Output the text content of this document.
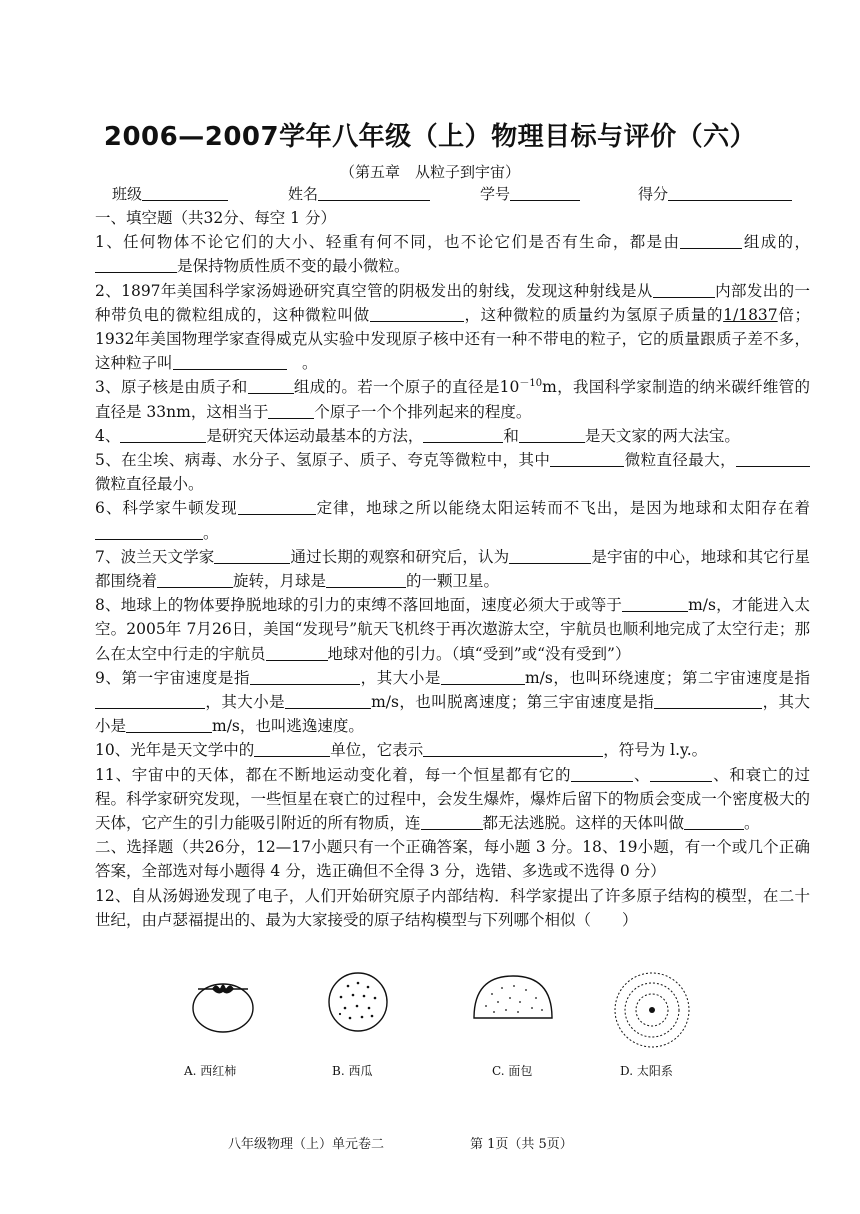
2006—2007学年八年级（上）物理目标与评价（六）
（第五章　从粒子到宇宙）
班级	姓名	学号	得分

一、填空题（共32分、每空 1 分）

1、任何物体不论它们的大小、轻重有何不同，也不论它们是否有生命，都是由	组成的，是保持物质性质不变的最小微粒。

2、1897年美国科学家汤姆逊研究真空管的阴极发出的射线，发现这种射线是从	内部发出的一种带负电的微粒组成的，这种微粒叫做	，这种微粒的质量约为氢原子质量的1/1837倍；1932年美国物理学家查得威克从实验中发现原子核中还有一种不带电的粒子，它的质量跟质子差不多，这种粒子叫　	。

3、原子核是由质子和	组成的。若一个原子的直径是$10^{-10}m$，我国科学家制造的纳米碳纤维管的直径是 33nm，这相当于	个原子一个个排列起来的程度。

4、	是研究天体运动最基本的方法，	和	是天文家的两大法宝。

5、在尘埃、病毒、水分子、氢原子、质子、夸克等微粒中，其中	微粒直径最大，微粒直径最小。

6、科学家牛顿发现	定律，地球之所以能绕太阳运转而不飞出，是因为地球和太阳存在着。

7、波兰天文学家	通过长期的观察和研究后，认为	是宇宙的中心，地球和其它行星都围绕着	旋转，月球是	的一颗卫星。

8、地球上的物体要挣脱地球的引力的束缚不落回地面，速度必须大于或等于	m/s，才能进入太空。2005年 7月26日，美国“发现号”航天飞机终于再次遨游太空，宇航员也顺利地完成了太空行走；那么在太空中行走的宇航员	地球对他的引力。（填“受到”或“没有受到”）

9、第一宇宙速度是指	，其大小是	m/s，也叫环绕速度；第二宇宙速度是指，其大小是	m/s，也叫脱离速度；第三宇宙速度是指	，其大小是	m/s，也叫逃逸速度。

10、光年是天文学中的	单位，它表示	，符号为 l.y.。

11、宇宙中的天体，都在不断地运动变化着，每一个恒星都有它的	、	、和衰亡的过程。科学家研究发现，一些恒星在衰亡的过程中，会发生爆炸，爆炸后留下的物质会变成一个密度极大的天体，它产生的引力能吸引附近的所有物质，连	都无法逃脱。这样的天体叫做	。

二、选择题（共26分，12—17小题只有一个正确答案，每小题 3 分。18、19小题，有一个或几个正确答案，全部选对每小题得 4 分，选正确但不全得 3 分，选错、多选或不选得 0 分）

12、自从汤姆逊发现了电子，人们开始研究原子内部结构．科学家提出了许多原子结构的模型，在二十世纪，由卢瑟福提出的、最为大家接受的原子结构模型与下列哪个相似（　　）

A. 西红柿	B. 西瓜	C. 面包	D. 太阳系
八年级物理（上）单元卷二	第 1页（共 5页）
